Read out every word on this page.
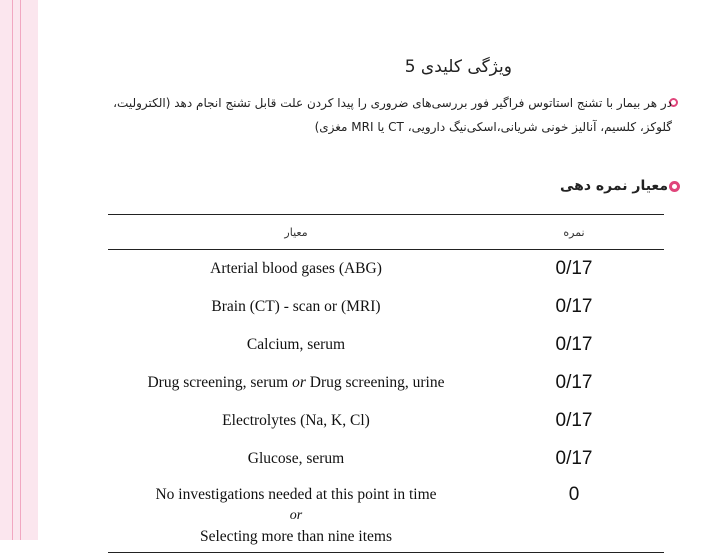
ویژگی کلیدی 5
در هر بیمار با تشنج استاتوس فراگیر فور بررسی‌های ضروری را پیدا کردن علت قابل تشنج انجام دهد (الکترولیت،
گلوکز، کلسیم، آنالیز خونی شریانی،اسکی‌نیگ دارویی، CT یا MRI مغزی)
معیار نمره دهی
معیار	نمره
Arterial blood gases (ABG)	0/17
Brain (CT) - scan or (MRI)	0/17
Calcium, serum	0/17
Drug screening, serum or Drug screening, urine	0/17
Electrolytes (Na, K, Cl)	0/17
Glucose, serum	0/17

No investigations needed at this point in time
or
Selecting more than nine items	0
